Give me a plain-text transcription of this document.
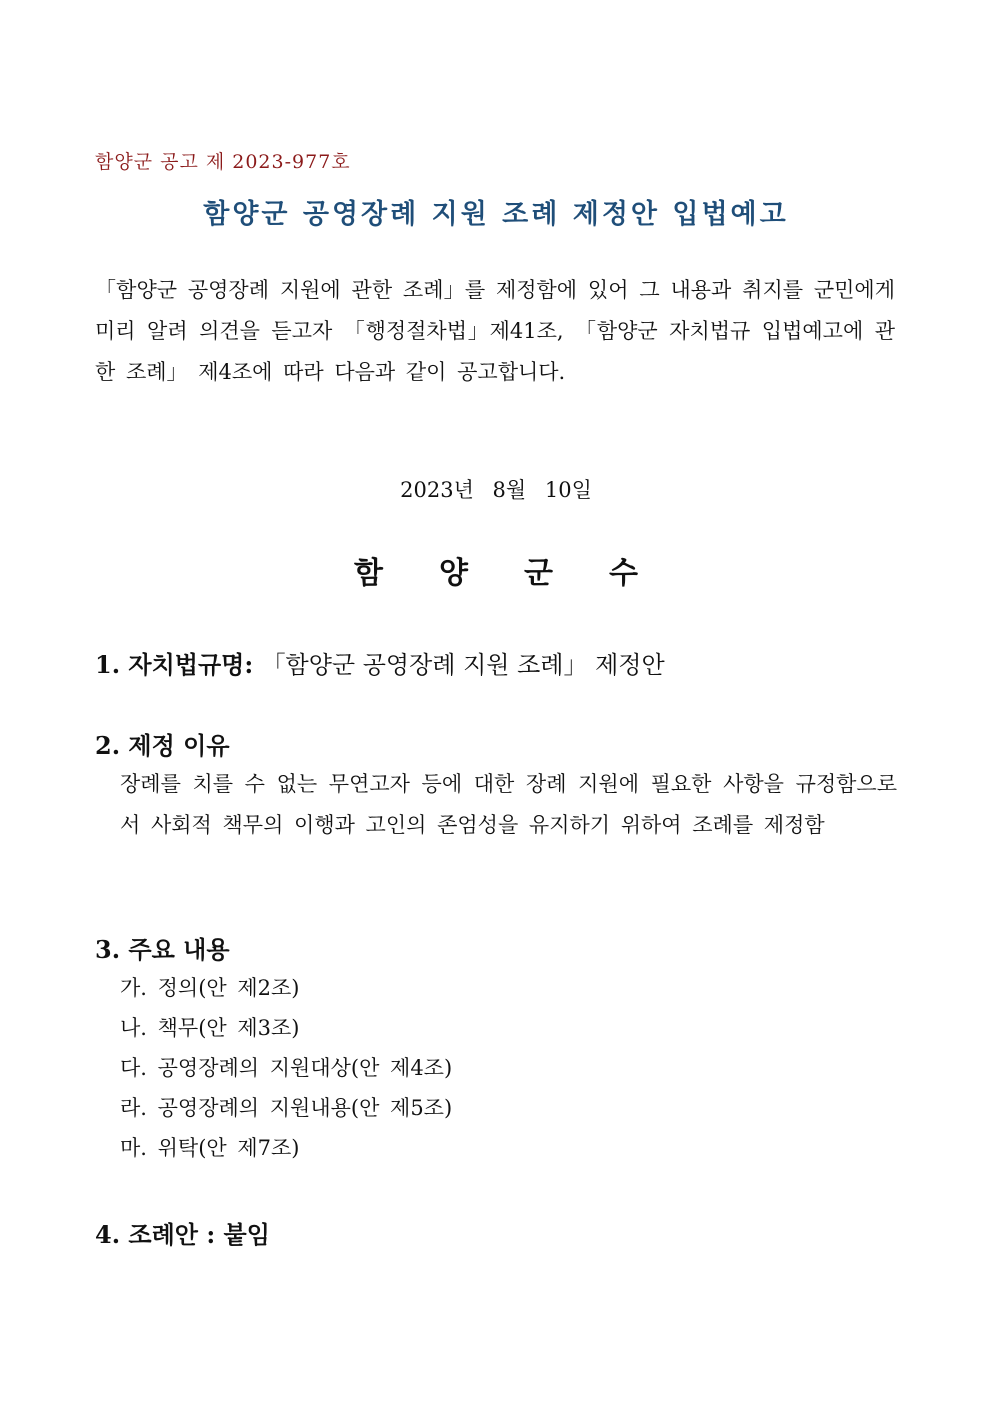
함양군 공고 제 2023-977호
함양군 공영장례 지원 조례 제정안 입법예고
「함양군 공영장례 지원에 관한 조례」를 제정함에 있어 그 내용과 취지를 군민에게 미리 알려 의견을 듣고자 「행정절차법」제41조, 「함양군 자치법규 입법예고에 관한 조례」 제4조에 따라 다음과 같이 공고합니다.
2023년 8월 10일
함양군수
1. 자치법규명: 「함양군 공영장례 지원 조례」 제정안
2. 제정 이유
장례를 치를 수 없는 무연고자 등에 대한 장례 지원에 필요한 사항을 규정함으로서 사회적 책무의 이행과 고인의 존엄성을 유지하기 위하여 조례를 제정함
3. 주요 내용
가. 정의(안 제2조)
나. 책무(안 제3조)
다. 공영장례의 지원대상(안 제4조)
라. 공영장례의 지원내용(안 제5조)
마. 위탁(안 제7조)
4. 조례안 : 붙임
